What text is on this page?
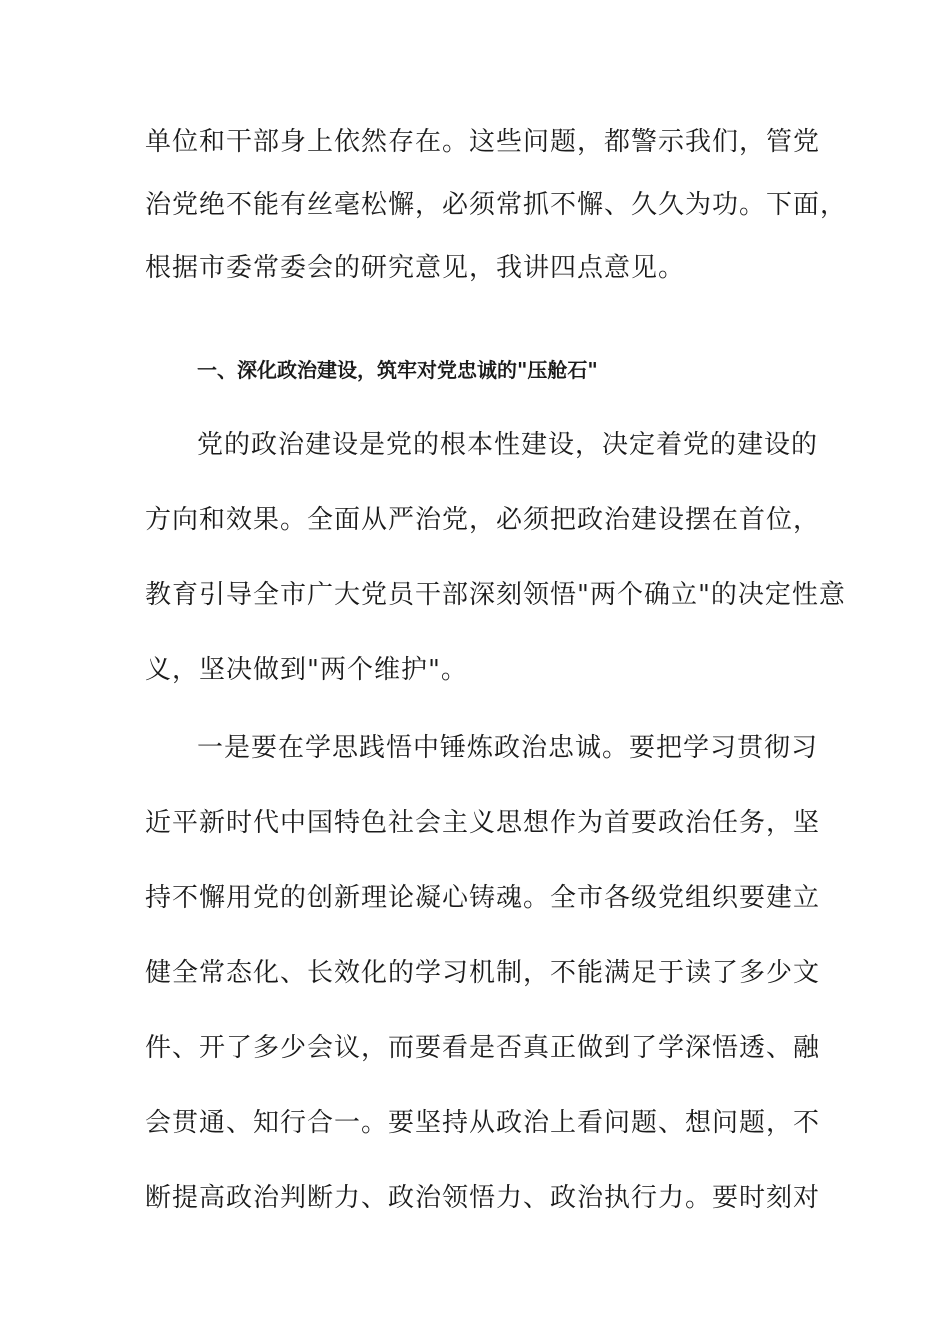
单位和干部身上依然存在。这些问题，都警示我们，管党
治党绝不能有丝毫松懈，必须常抓不懈、久久为功。下面，
根据市委常委会的研究意见，我讲四点意见。
一、深化政治建设，筑牢对党忠诚的"压舱石"
党的政治建设是党的根本性建设，决定着党的建设的
方向和效果。全面从严治党，必须把政治建设摆在首位，
教育引导全市广大党员干部深刻领悟"两个确立"的决定性意
义，坚决做到"两个维护"。
一是要在学思践悟中锤炼政治忠诚。要把学习贯彻习
近平新时代中国特色社会主义思想作为首要政治任务，坚
持不懈用党的创新理论凝心铸魂。全市各级党组织要建立
健全常态化、长效化的学习机制，不能满足于读了多少文
件、开了多少会议，而要看是否真正做到了学深悟透、融
会贯通、知行合一。要坚持从政治上看问题、想问题，不
断提高政治判断力、政治领悟力、政治执行力。要时刻对
